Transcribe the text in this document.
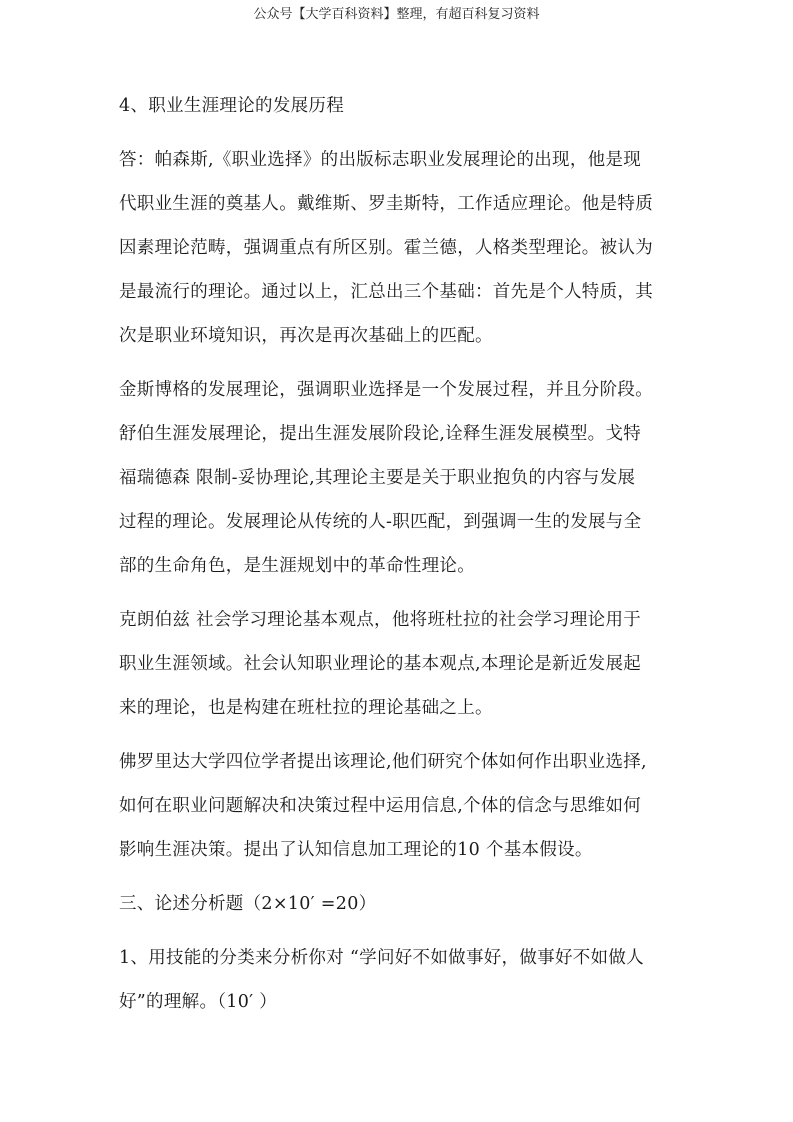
公众号【大学百科资料】整理，有超百科复习资料
4、职业生涯理论的发展历程
答：帕森斯,《职业选择》的出版标志职业发展理论的出现，他是现
代职业生涯的奠基人。戴维斯、罗圭斯特，工作适应理论。他是特质
因素理论范畴，强调重点有所区别。霍兰德，人格类型理论。被认为
是最流行的理论。通过以上，汇总出三个基础：首先是个人特质，其
次是职业环境知识，再次是再次基础上的匹配。
金斯博格的发展理论，强调职业选择是一个发展过程，并且分阶段。
舒伯生涯发展理论，提出生涯发展阶段论,诠释生涯发展模型。戈特
福瑞德森 限制-妥协理论,其理论主要是关于职业抱负的内容与发展
过程的理论。发展理论从传统的人-职匹配，到强调一生的发展与全
部的生命角色，是生涯规划中的革命性理论。
克朗伯兹 社会学习理论基本观点，他将班杜拉的社会学习理论用于
职业生涯领域。社会认知职业理论的基本观点,本理论是新近发展起
来的理论，也是构建在班杜拉的理论基础之上。
佛罗里达大学四位学者提出该理论,他们研究个体如何作出职业选择,
如何在职业问题解决和决策过程中运用信息,个体的信念与思维如何
影响生涯决策。提出了认知信息加工理论的10 个基本假设。
三、论述分析题（2×10′ =20）
1、用技能的分类来分析你对 “学问好不如做事好，做事好不如做人
好”的理解。（10′ ）
